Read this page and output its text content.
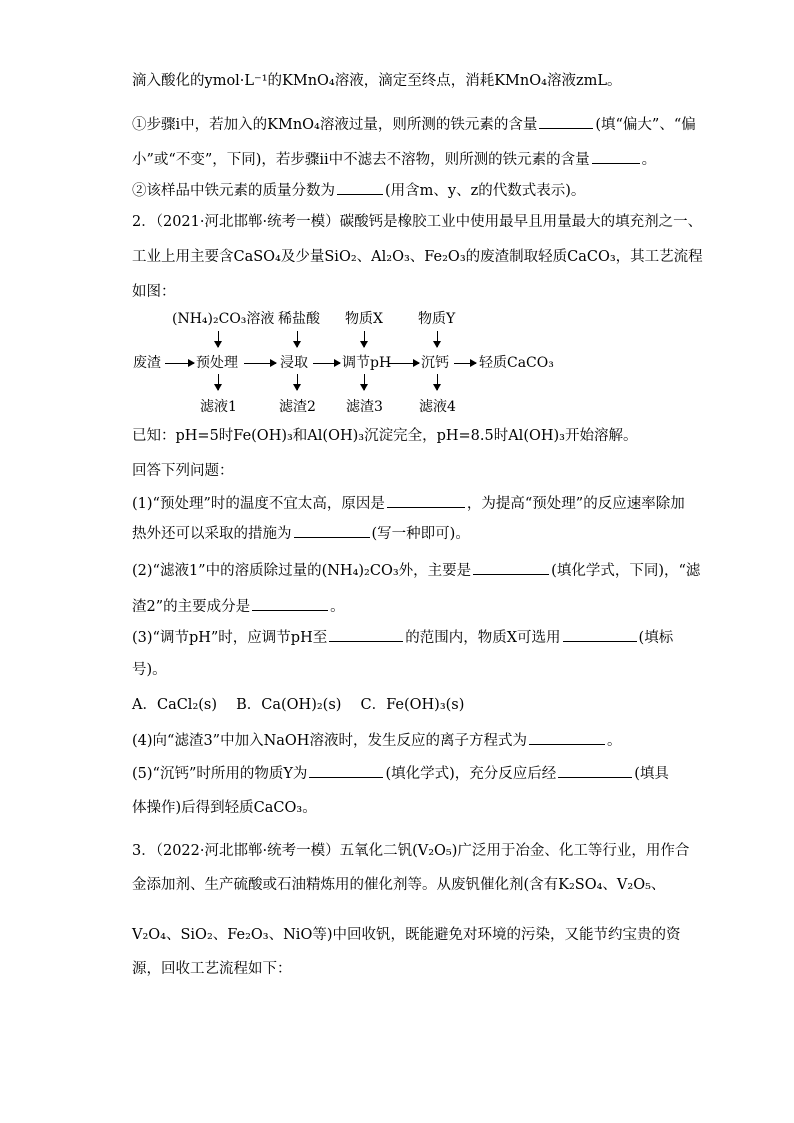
滴入酸化的ymol·L⁻¹的KMnO₄溶液，滴定至终点，消耗KMnO₄溶液zmL。
①步骤ⅰ中，若加入的KMnO₄溶液过量，则所测的铁元素的含量	(填“偏大”、“偏
小”或“不变”，下同)，若步骤ⅱ中不滤去不溶物，则所测的铁元素的含量	。
②该样品中铁元素的质量分数为	(用含m、y、z的代数式表示)。
2．（2021·河北邯郸·统考一模）碳酸钙是橡胶工业中使用最早且用量最大的填充剂之一、
工业上用主要含CaSO₄及少量SiO₂、Al₂O₃、Fe₂O₃的废渣制取轻质CaCO₃，其工艺流程
如图：
(NH₄)₂CO₃溶液 稀盐酸 物质X	物质Y
废渣	预处理	浸取 调节pH 沉钙 轻质CaCO₃
滤液1	滤渣2 滤渣3	滤液4
已知：pH=5时Fe(OH)₃和Al(OH)₃沉淀完全，pH=8.5时Al(OH)₃开始溶解。
回答下列问题：
(1)“预处理”时的温度不宜太高，原因是	，为提高“预处理”的反应速率除加
热外还可以采取的措施为	(写一种即可)。
(2)“滤液1”中的溶质除过量的(NH₄)₂CO₃外，主要是	(填化学式，下同)，“滤
渣2”的主要成分是	。
(3)“调节pH”时，应调节pH至	的范围内，物质X可选用	(填标
号)。
A．CaCl₂(s)　 B．Ca(OH)₂(s)　 C．Fe(OH)₃(s)
(4)向“滤渣3”中加入NaOH溶液时，发生反应的离子方程式为	。
(5)“沉钙”时所用的物质Y为	(填化学式)，充分反应后经	(填具
体操作)后得到轻质CaCO₃。
3．（2022·河北邯郸·统考一模）五氧化二钒(V₂O₅)广泛用于冶金、化工等行业，用作合
金添加剂、生产硫酸或石油精炼用的催化剂等。从废钒催化剂(含有K₂SO₄、V₂O₅、
V₂O₄、SiO₂、Fe₂O₃、NiO等)中回收钒，既能避免对环境的污染，又能节约宝贵的资
源，回收工艺流程如下：
